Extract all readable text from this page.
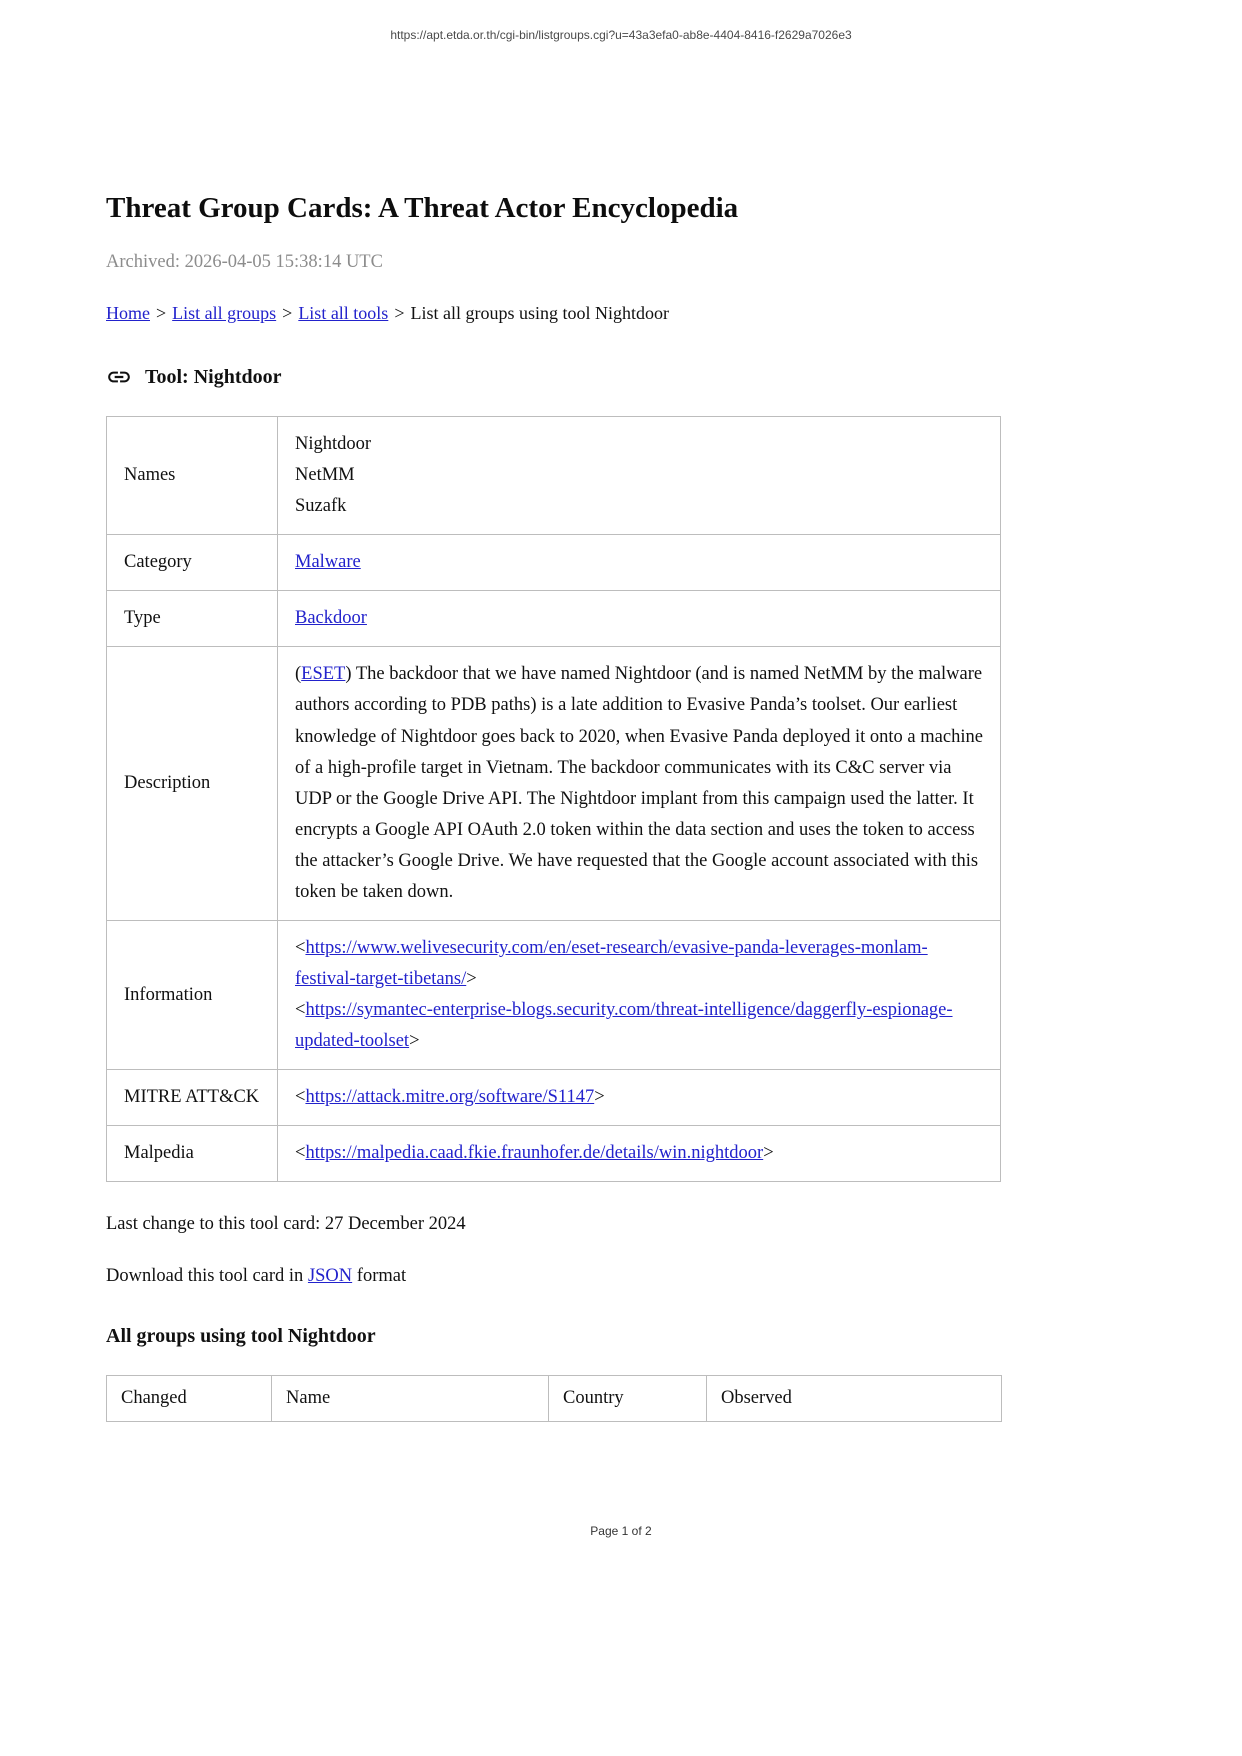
https://apt.etda.or.th/cgi-bin/listgroups.cgi?u=43a3efa0-ab8e-4404-8416-f2629a7026e3
Threat Group Cards: A Threat Actor Encyclopedia

Archived: 2026-04-05 15:38:14 UTC

Home > List all groups > List all tools > List all groups using tool Nightdoor
Tool: Nightdoor
Names	Nightdoor
NetMM
Suzafk

Category	Malware
Type	Backdoor
Description	(ESET) The backdoor that we have named Nightdoor (and is named NetMM by the malware authors according to PDB paths) is a late addition to Evasive Panda’s toolset. Our earliest knowledge of Nightdoor goes back to 2020, when Evasive Panda deployed it onto a machine of a high-profile target in Vietnam. The backdoor communicates with its C&C server via UDP or the Google Drive API. The Nightdoor implant from this campaign used the latter. It encrypts a Google API OAuth 2.0 token within the data section and uses the token to access the attacker’s Google Drive. We have requested that the Google account associated with this token be taken down.
Information	<https://www.welivesecurity.com/en/eset-research/evasive-panda-leverages-monlam-festival-target-tibetans/>
<https://symantec-enterprise-blogs.security.com/threat-intelligence/daggerfly-espionage-updated-toolset>

MITRE ATT&CK	<https://attack.mitre.org/software/S1147>
Malpedia	<https://malpedia.caad.fkie.fraunhofer.de/details/win.nightdoor>

Last change to this tool card: 27 December 2024

Download this tool card in JSON format

All groups using tool Nightdoor
Changed	Name	Country	Observed
Page 1 of 2
